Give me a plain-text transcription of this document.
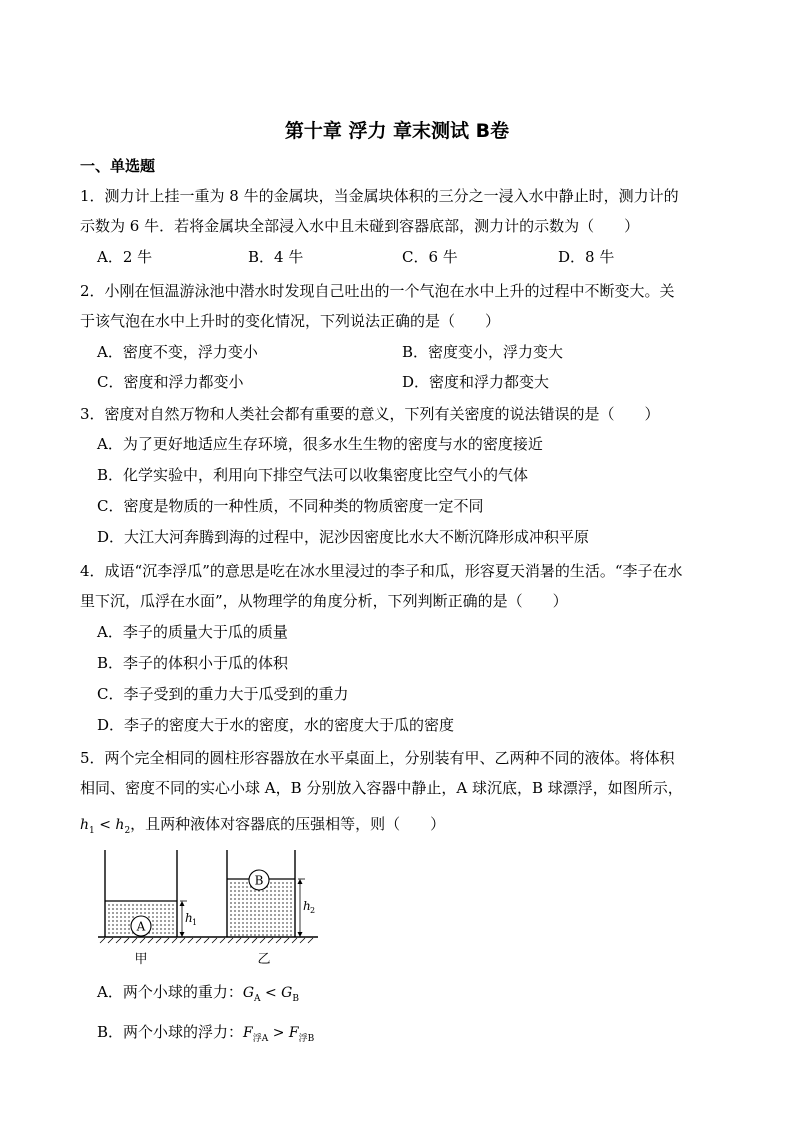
第十章 浮力 章末测试 B卷
一、单选题
1．测力计上挂一重为 8 牛的金属块，当金属块体积的三分之一浸入水中静止时，测力计的
示数为 6 牛．若将金属块全部浸入水中且未碰到容器底部，测力计的示数为（　　）
A．2 牛	B．4 牛	C．6 牛	D．8 牛
2．小刚在恒温游泳池中潜水时发现自己吐出的一个气泡在水中上升的过程中不断变大。关
于该气泡在水中上升时的变化情况，下列说法正确的是（　　）
A．密度不变，浮力变小	B．密度变小，浮力变大
C．密度和浮力都变小	D．密度和浮力都变大
3．密度对自然万物和人类社会都有重要的意义，下列有关密度的说法错误的是（　　）
A．为了更好地适应生存环境，很多水生生物的密度与水的密度接近
B．化学实验中，利用向下排空气法可以收集密度比空气小的气体
C．密度是物质的一种性质，不同种类的物质密度一定不同
D．大江大河奔腾到海的过程中，泥沙因密度比水大不断沉降形成冲积平原
4．成语“沉李浮瓜”的意思是吃在冰水里浸过的李子和瓜，形容夏天消暑的生活。“李子在水
里下沉，瓜浮在水面”，从物理学的角度分析，下列判断正确的是（　　）
A．李子的质量大于瓜的质量
B．李子的体积小于瓜的体积
C．李子受到的重力大于瓜受到的重力
D．李子的密度大于水的密度，水的密度大于瓜的密度
5．两个完全相同的圆柱形容器放在水平桌面上，分别装有甲、乙两种不同的液体。将体积
相同、密度不同的实心小球 A，B 分别放入容器中静止，A 球沉底，B 球漂浮，如图所示，
$h_1 < h_2$，且两种液体对容器底的压强相等，则（　　）
A
h 1
B
h 2
甲	乙
A．两个小球的重力：$G_A < G_B$
B．两个小球的浮力：$F_{浮A} > F_{浮B}$
